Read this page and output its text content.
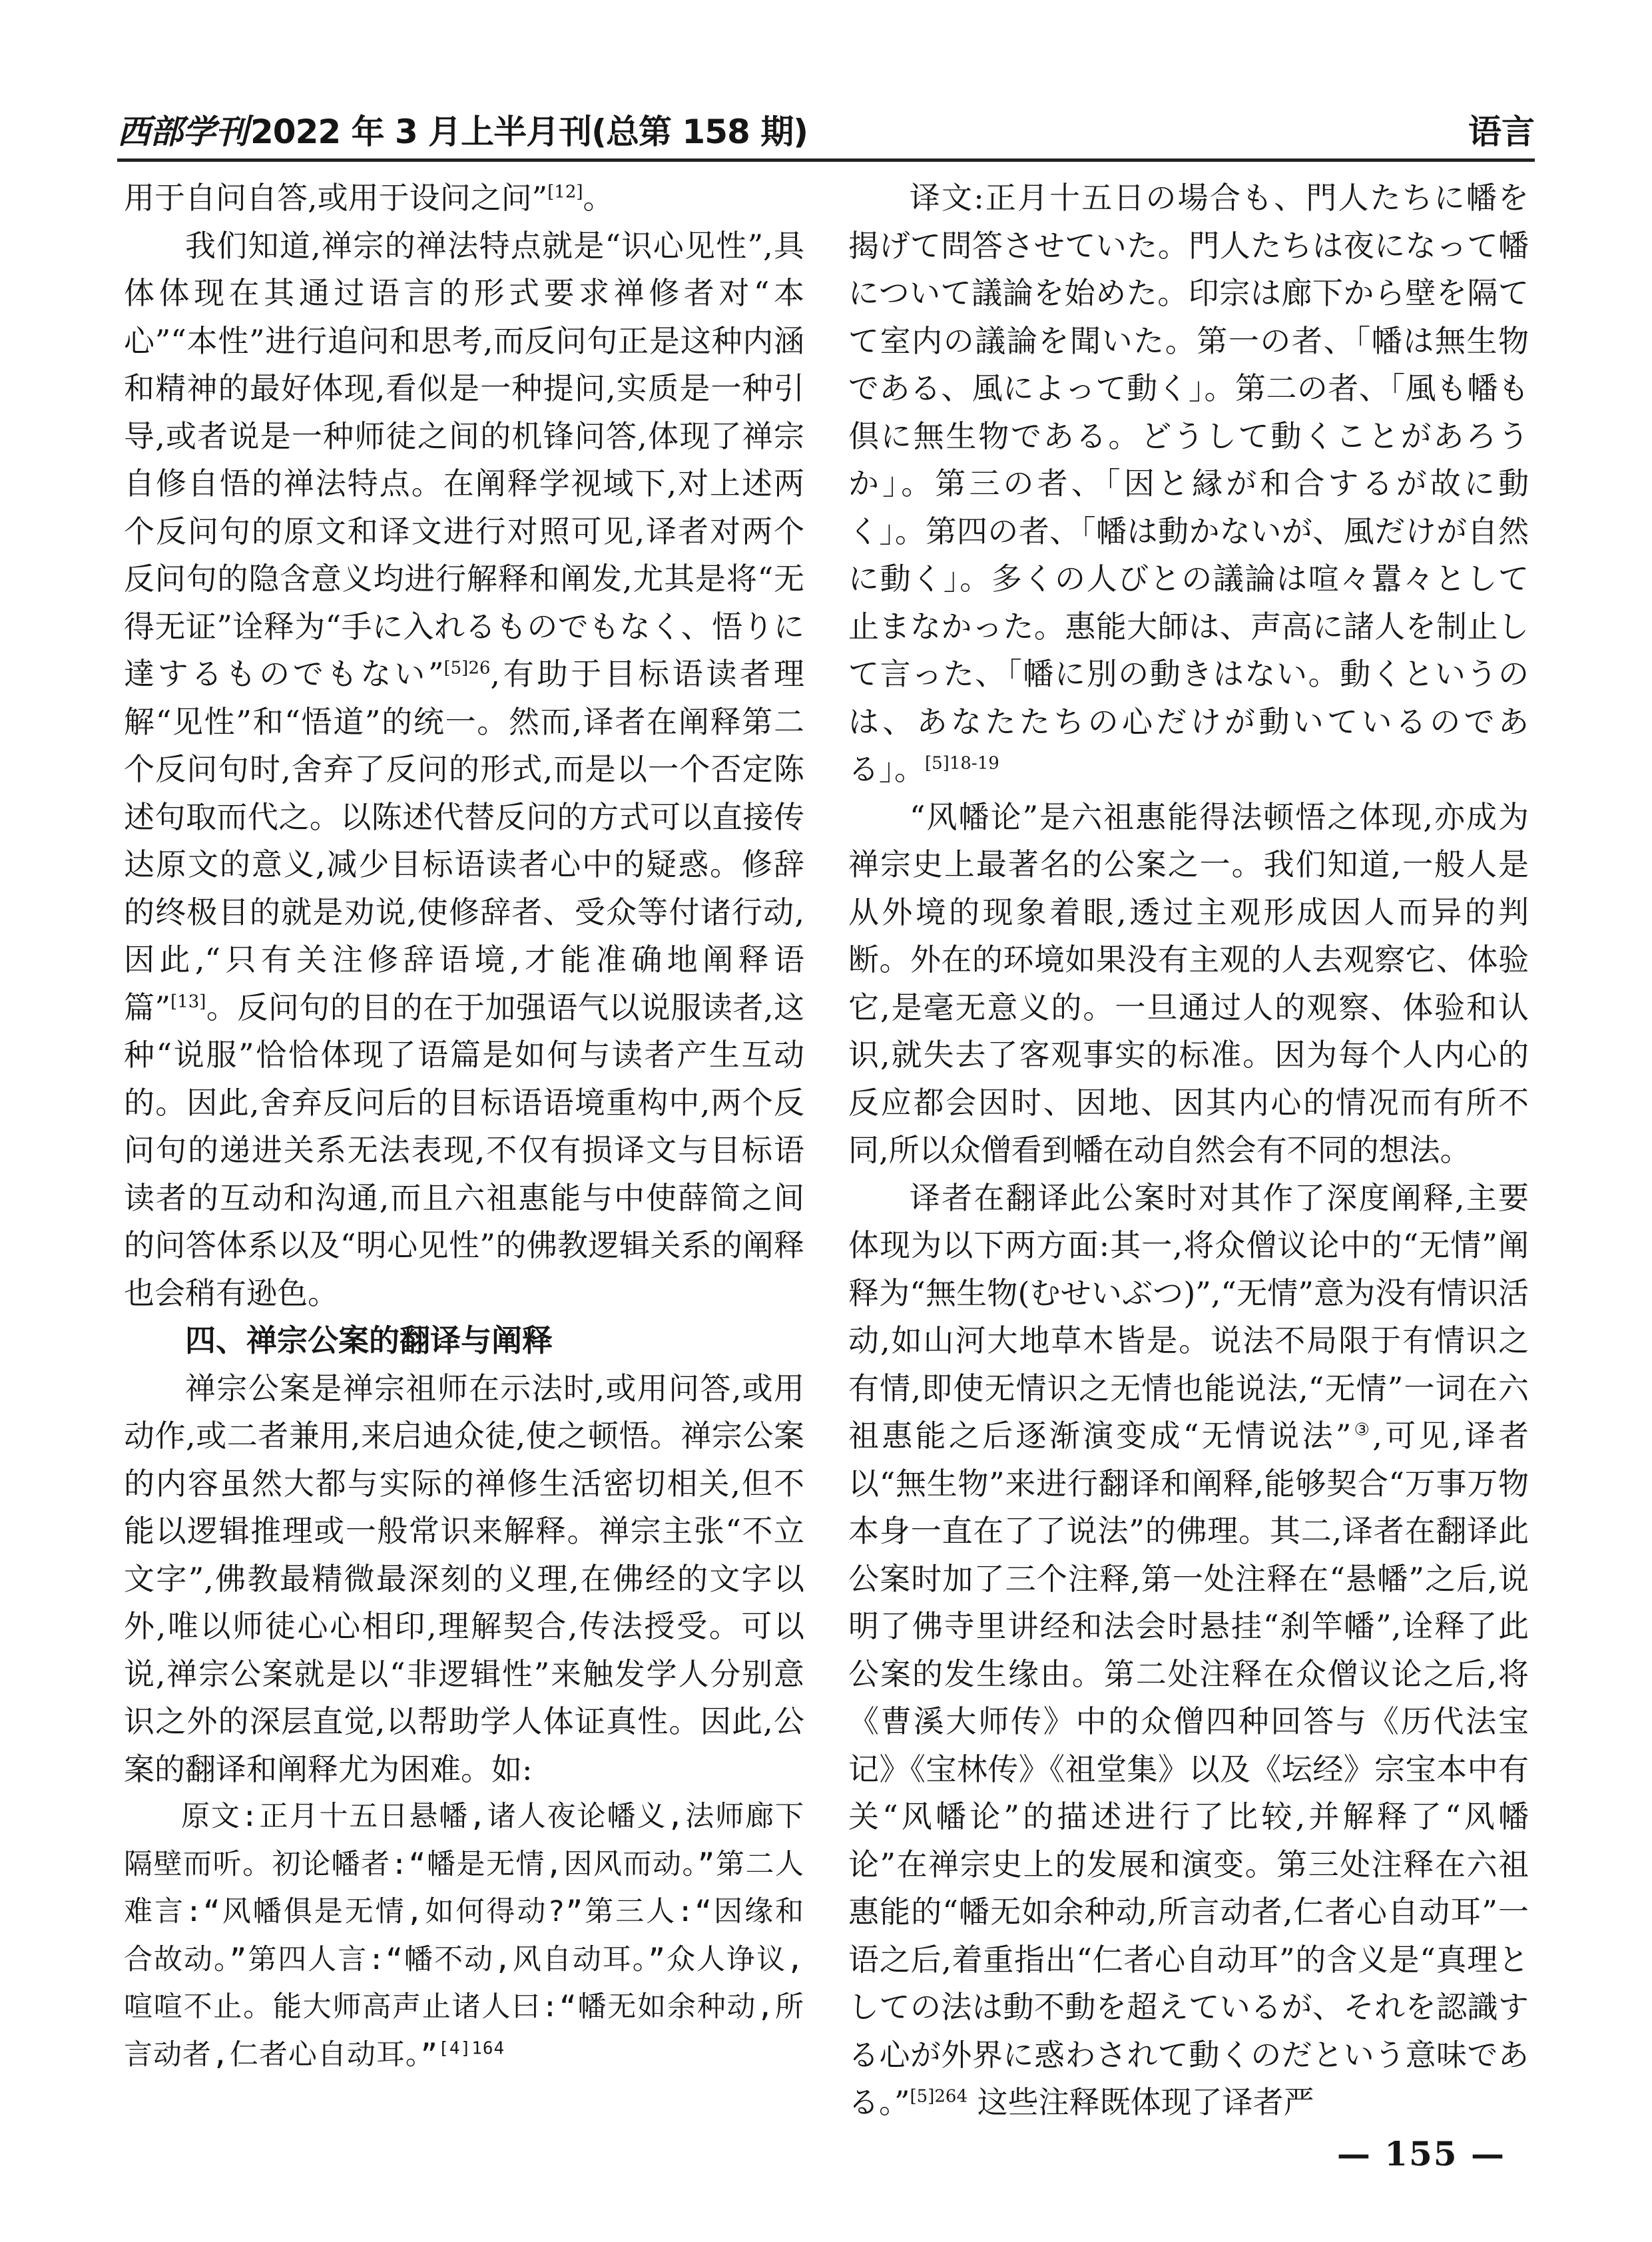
西部学刊2022 年 3 月上半月刊(总第 158 期)	语言

用于自问自答,或用于设问之问”[12]。

我们知道,禅宗的禅法特点就是“识心见性”,具体体现在其通过语言的形式要求禅修者对“本心”“本性”进行追问和思考,而反问句正是这种内涵和精神的最好体现,看似是一种提问,实质是一种引导,或者说是一种师徒之间的机锋问答,体现了禅宗自修自悟的禅法特点。在阐释学视域下,对上述两个反问句的原文和译文进行对照可见,译者对两个反问句的隐含意义均进行解释和阐发,尤其是将“无得无证”诠释为“手に入れるものでもなく、悟りに達するものでもない”$^{[5]26}$,有助于目标语读者理解“见性”和“悟道”的统一。然而,译者在阐释第二个反问句时,舍弃了反问的形式,而是以一个否定陈述句取而代之。以陈述代替反问的方式可以直接传达原文的意义,减少目标语读者心中的疑惑。修辞的终极目的就是劝说,使修辞者、受众等付诸行动,因此,“只有关注修辞语境,才能准确地阐释语篇”[13]。反问句的目的在于加强语气以说服读者,这种“说服”恰恰体现了语篇是如何与读者产生互动的。因此,舍弃反问后的目标语语境重构中,两个反问句的递进关系无法表现,不仅有损译文与目标语读者的互动和沟通,而且六祖惠能与中使薛简之间的问答体系以及“明心见性”的佛教逻辑关系的阐释也会稍有逊色。

四、禅宗公案的翻译与阐释

禅宗公案是禅宗祖师在示法时,或用问答,或用动作,或二者兼用,来启迪众徒,使之顿悟。禅宗公案的内容虽然大都与实际的禅修生活密切相关,但不能以逻辑推理或一般常识来解释。禅宗主张“不立文字”,佛教最精微最深刻的义理,在佛经的文字以外,唯以师徒心心相印,理解契合,传法授受。可以说,禅宗公案就是以“非逻辑性”来触发学人分别意识之外的深层直觉,以帮助学人体证真性。因此,公案的翻译和阐释尤为困难。如:

原文:正月十五日悬幡,诸人夜论幡义,法师廊下隔壁而听。初论幡者:“幡是无情,因风而动。”第二人难言:“风幡俱是无情,如何得动?”第三人:“因缘和合故动。”第四人言:“幡不动,风自动耳。”众人诤议,喧喧不止。能大师高声止诸人曰:“幡无如余种动,所言动者,仁者心自动耳。”$^{[4]164}$

译文:正月十五日の場合も、門人たちに幡を揭げて問答させていた。門人たちは夜になって幡について議論を始めた。印宗は廊下から壁を隔てて室内の議論を聞いた。第一の者、「幡は無生物である、風によって動く」。第二の者、「風も幡も倶に無生物である。どうして動くことがあろうか」。第三の者、「因と縁が和合するが故に動く」。第四の者、「幡は動かないが、風だけが自然に動く」。多くの人びとの議論は喧々囂々として止まなかった。惠能大師は、声高に諸人を制止して言った、「幡に別の動きはない。動くというのは、あなたたちの心だけが動いているのである」。$^{[5]18-19}$

“风幡论”是六祖惠能得法顿悟之体现,亦成为禅宗史上最著名的公案之一。我们知道,一般人是从外境的现象着眼,透过主观形成因人而异的判断。外在的环境如果没有主观的人去观察它、体验它,是毫无意义的。一旦通过人的观察、体验和认识,就失去了客观事实的标准。因为每个人内心的反应都会因时、因地、因其内心的情况而有所不同,所以众僧看到幡在动自然会有不同的想法。

译者在翻译此公案时对其作了深度阐释,主要体现为以下两方面:其一,将众僧议论中的“无情”阐释为“無生物(むせいぶつ)”,“无情”意为没有情识活动,如山河大地草木皆是。说法不局限于有情识之有情,即使无情识之无情也能说法,“无情”一词在六祖惠能之后逐渐演变成“无情说法”③,可见,译者以“無生物”来进行翻译和阐释,能够契合“万事万物本身一直在了了说法”的佛理。其二,译者在翻译此公案时加了三个注释,第一处注释在“悬幡”之后,说明了佛寺里讲经和法会时悬挂“刹竿幡”,诠释了此公案的发生缘由。第二处注释在众僧议论之后,将《曹溪大师传》中的众僧四种回答与《历代法宝记》《宝林传》《祖堂集》以及《坛经》宗宝本中有关“风幡论”的描述进行了比较,并解释了“风幡论”在禅宗史上的发展和演变。第三处注释在六祖惠能的“幡无如余种动,所言动者,仁者心自动耳”一语之后,着重指出“仁者心自动耳”的含义是“真理としての法は動不動を超えているが、それを認識する心が外界に惑わされて動くのだという意味である。”$^{[5]264}$ 这些注释既体现了译者严

— 155 —
